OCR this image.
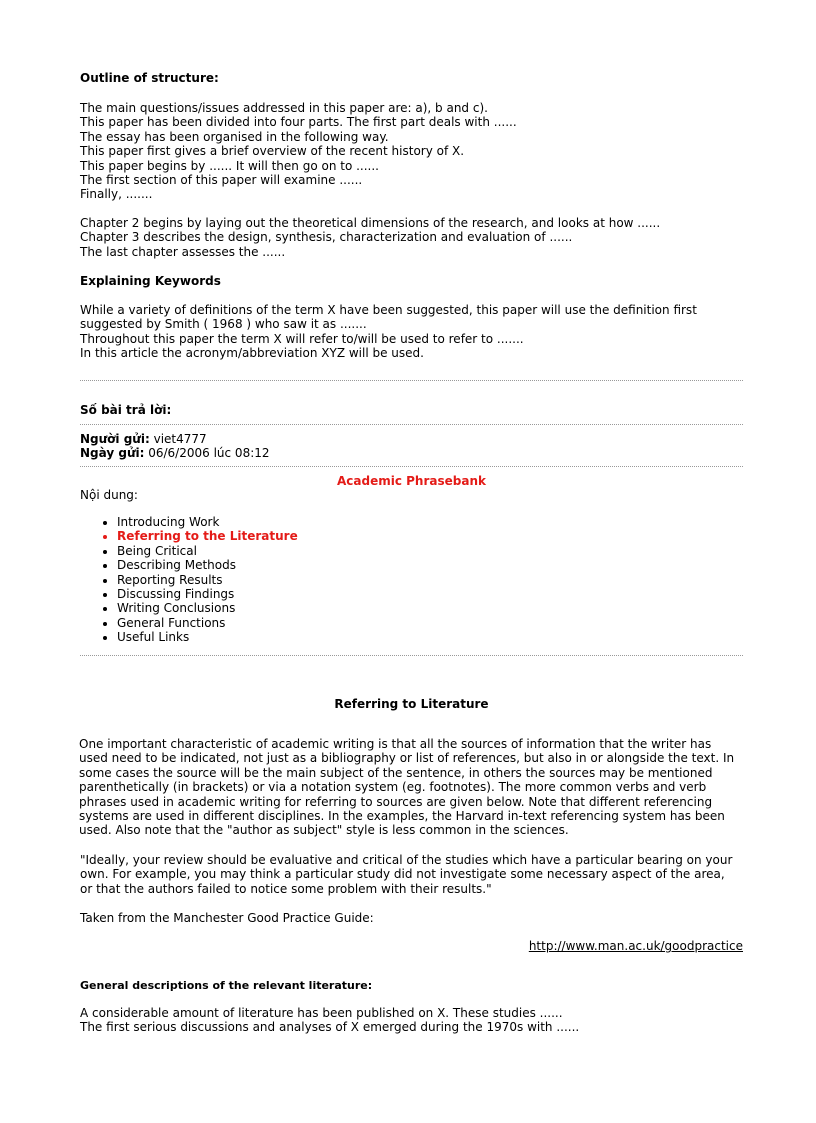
Outline of structure:
The main questions/issues addressed in this paper are: a), b and c).
This paper has been divided into four parts. The first part deals with ......
The essay has been organised in the following way.
This paper first gives a brief overview of the recent history of X.
This paper begins by ...... It will then go on to ......
The first section of this paper will examine ......
Finally, .......
Chapter 2 begins by laying out the theoretical dimensions of the research, and looks at how ......
Chapter 3 describes the design, synthesis, characterization and evaluation of ......
The last chapter assesses the ......
Explaining Keywords
While a variety of definitions of the term X have been suggested, this paper will use the definition first
suggested by Smith ( 1968 ) who saw it as .......
Throughout this paper the term X will refer to/will be used to refer to .......
In this article the acronym/abbreviation XYZ will be used.
Số bài trả lời:
Người gửi: viet4777
Ngày gửi: 06/6/2006 lúc 08:12
Academic Phrasebank
Nội dung:
• Introducing Work
• Referring to the Literature
• Being Critical
• Describing Methods
• Reporting Results
• Discussing Findings
• Writing Conclusions
• General Functions
• Useful Links
Referring to Literature
One important characteristic of academic writing is that all the sources of information that the writer has
used need to be indicated, not just as a bibliography or list of references, but also in or alongside the text. In
some cases the source will be the main subject of the sentence, in others the sources may be mentioned
parenthetically (in brackets) or via a notation system (eg. footnotes). The more common verbs and verb
phrases used in academic writing for referring to sources are given below. Note that different referencing
systems are used in different disciplines. In the examples, the Harvard in-text referencing system has been
used. Also note that the "author as subject" style is less common in the sciences.
"Ideally, your review should be evaluative and critical of the studies which have a particular bearing on your
own. For example, you may think a particular study did not investigate some necessary aspect of the area,
or that the authors failed to notice some problem with their results."
Taken from the Manchester Good Practice Guide:
http://www.man.ac.uk/goodpractice
General descriptions of the relevant literature:
A considerable amount of literature has been published on X. These studies ......
The first serious discussions and analyses of X emerged during the 1970s with ......
